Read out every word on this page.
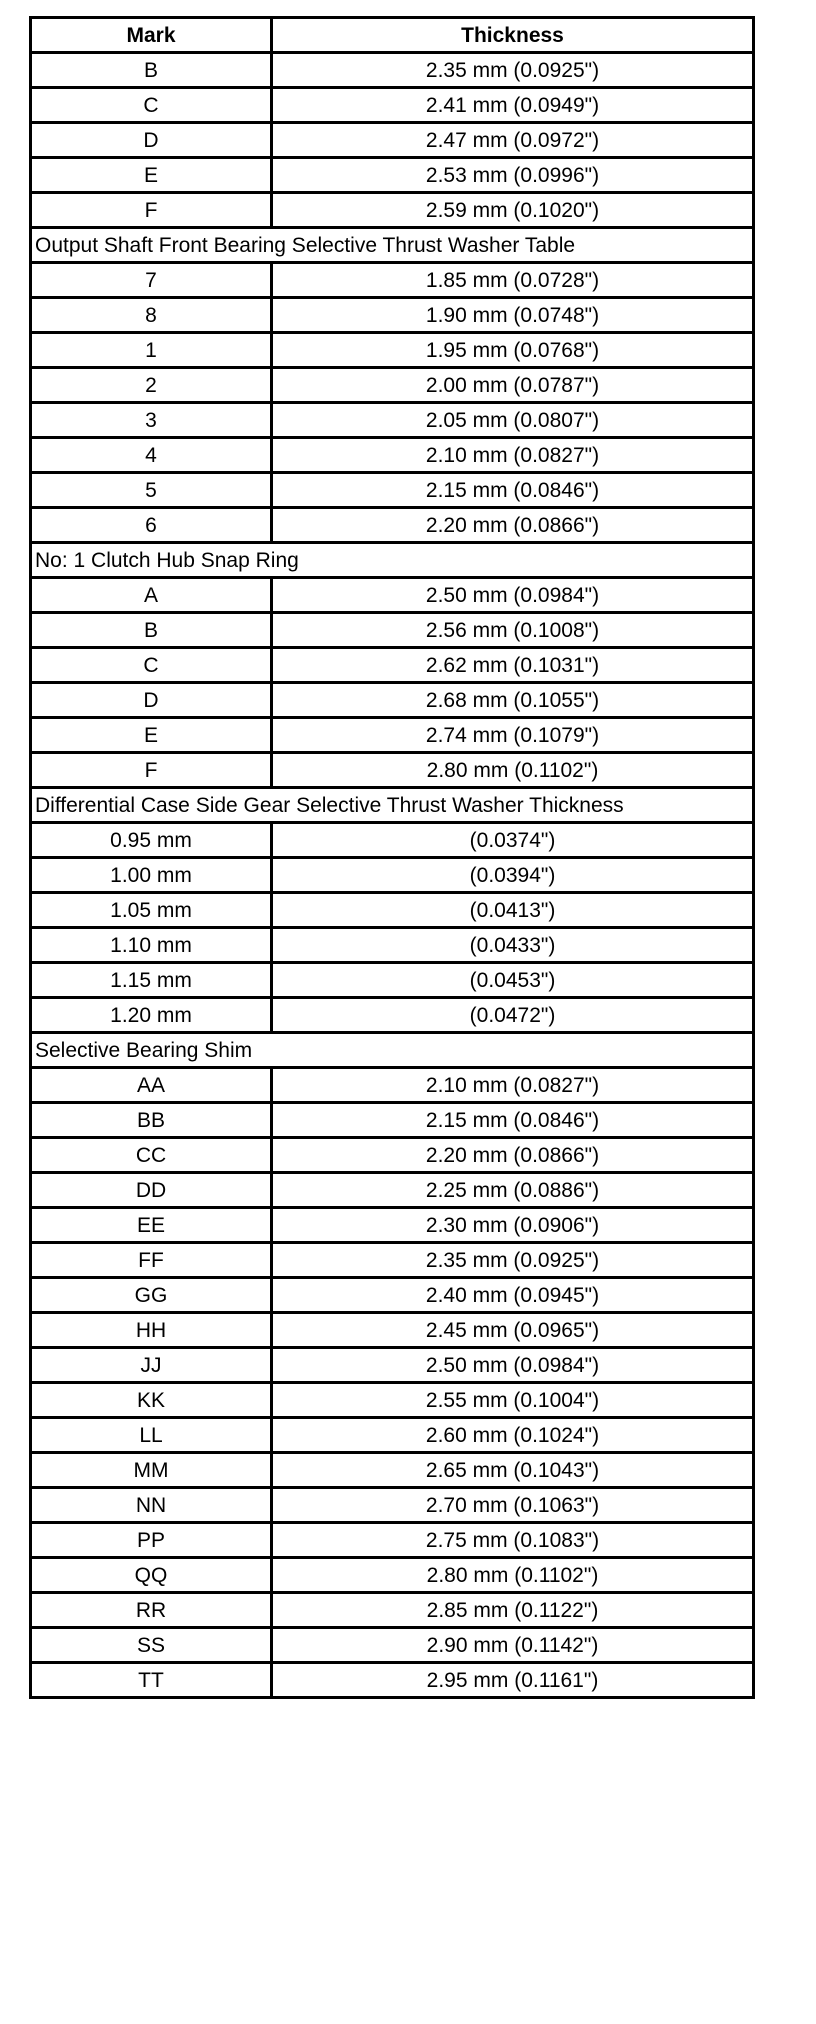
Mark	Thickness
B	2.35 mm (0.0925")
C	2.41 mm (0.0949")
D	2.47 mm (0.0972")
E	2.53 mm (0.0996")
F	2.59 mm (0.1020")
Output Shaft Front Bearing Selective Thrust Washer Table	
7	1.85 mm (0.0728")
8	1.90 mm (0.0748")
1	1.95 mm (0.0768")
2	2.00 mm (0.0787")
3	2.05 mm (0.0807")
4	2.10 mm (0.0827")
5	2.15 mm (0.0846")
6	2.20 mm (0.0866")
No: 1 Clutch Hub Snap Ring	
A	2.50 mm (0.0984")
B	2.56 mm (0.1008")
C	2.62 mm (0.1031")
D	2.68 mm (0.1055")
E	2.74 mm (0.1079")
F	2.80 mm (0.1102")
Differential Case Side Gear Selective Thrust Washer Thickness	
0.95 mm	(0.0374")
1.00 mm	(0.0394")
1.05 mm	(0.0413")
1.10 mm	(0.0433")
1.15 mm	(0.0453")
1.20 mm	(0.0472")
Selective Bearing Shim	
AA	2.10 mm (0.0827")
BB	2.15 mm (0.0846")
CC	2.20 mm (0.0866")
DD	2.25 mm (0.0886")
EE	2.30 mm (0.0906")
FF	2.35 mm (0.0925")
GG	2.40 mm (0.0945")
HH	2.45 mm (0.0965")
JJ	2.50 mm (0.0984")
KK	2.55 mm (0.1004")
LL	2.60 mm (0.1024")
MM	2.65 mm (0.1043")
NN	2.70 mm (0.1063")
PP	2.75 mm (0.1083")
QQ	2.80 mm (0.1102")
RR	2.85 mm (0.1122")
SS	2.90 mm (0.1142")
TT	2.95 mm (0.1161")
